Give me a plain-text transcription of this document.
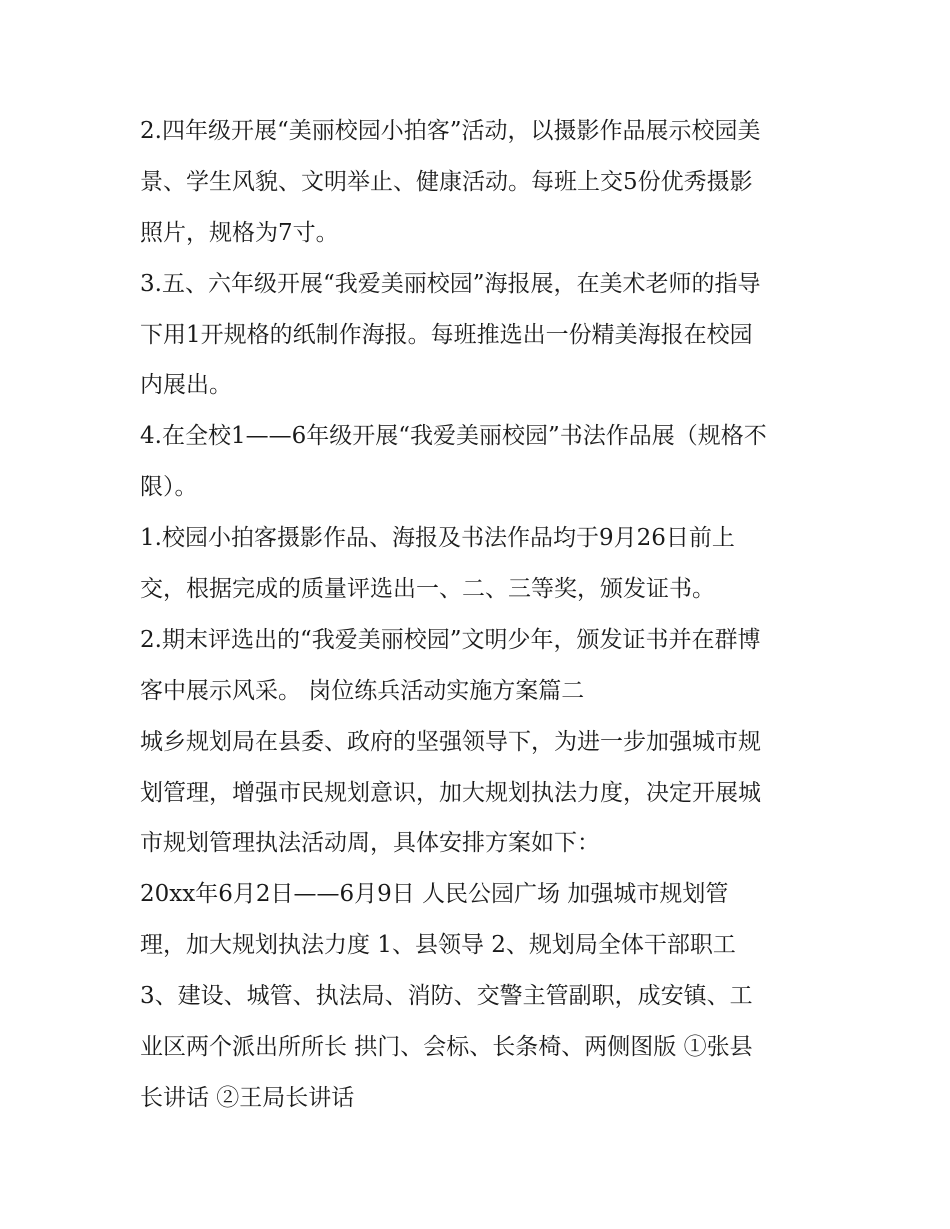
2.四年级开展“美丽校园小拍客”活动，以摄影作品展示校园美
景、学生风貌、文明举止、健康活动。每班上交5份优秀摄影
照片，规格为7寸。
3.五、六年级开展“我爱美丽校园”海报展，在美术老师的指导
下用1开规格的纸制作海报。每班推选出一份精美海报在校园
内展出。
4.在全校1——6年级开展“我爱美丽校园”书法作品展（规格不
限）。
1.校园小拍客摄影作品、海报及书法作品均于9月26日前上
交，根据完成的质量评选出一、二、三等奖，颁发证书。
2.期末评选出的“我爱美丽校园”文明少年，颁发证书并在群博
客中展示风采。 岗位练兵活动实施方案篇二
城乡规划局在县委、政府的坚强领导下，为进一步加强城市规
划管理，增强市民规划意识，加大规划执法力度，决定开展城
市规划管理执法活动周，具体安排方案如下：
20xx年6月2日——6月9日 人民公园广场 加强城市规划管
理，加大规划执法力度 1、县领导 2、规划局全体干部职工
3、建设、城管、执法局、消防、交警主管副职，成安镇、工
业区两个派出所所长 拱门、会标、长条椅、两侧图版 ①张县
长讲话 ②王局长讲话
